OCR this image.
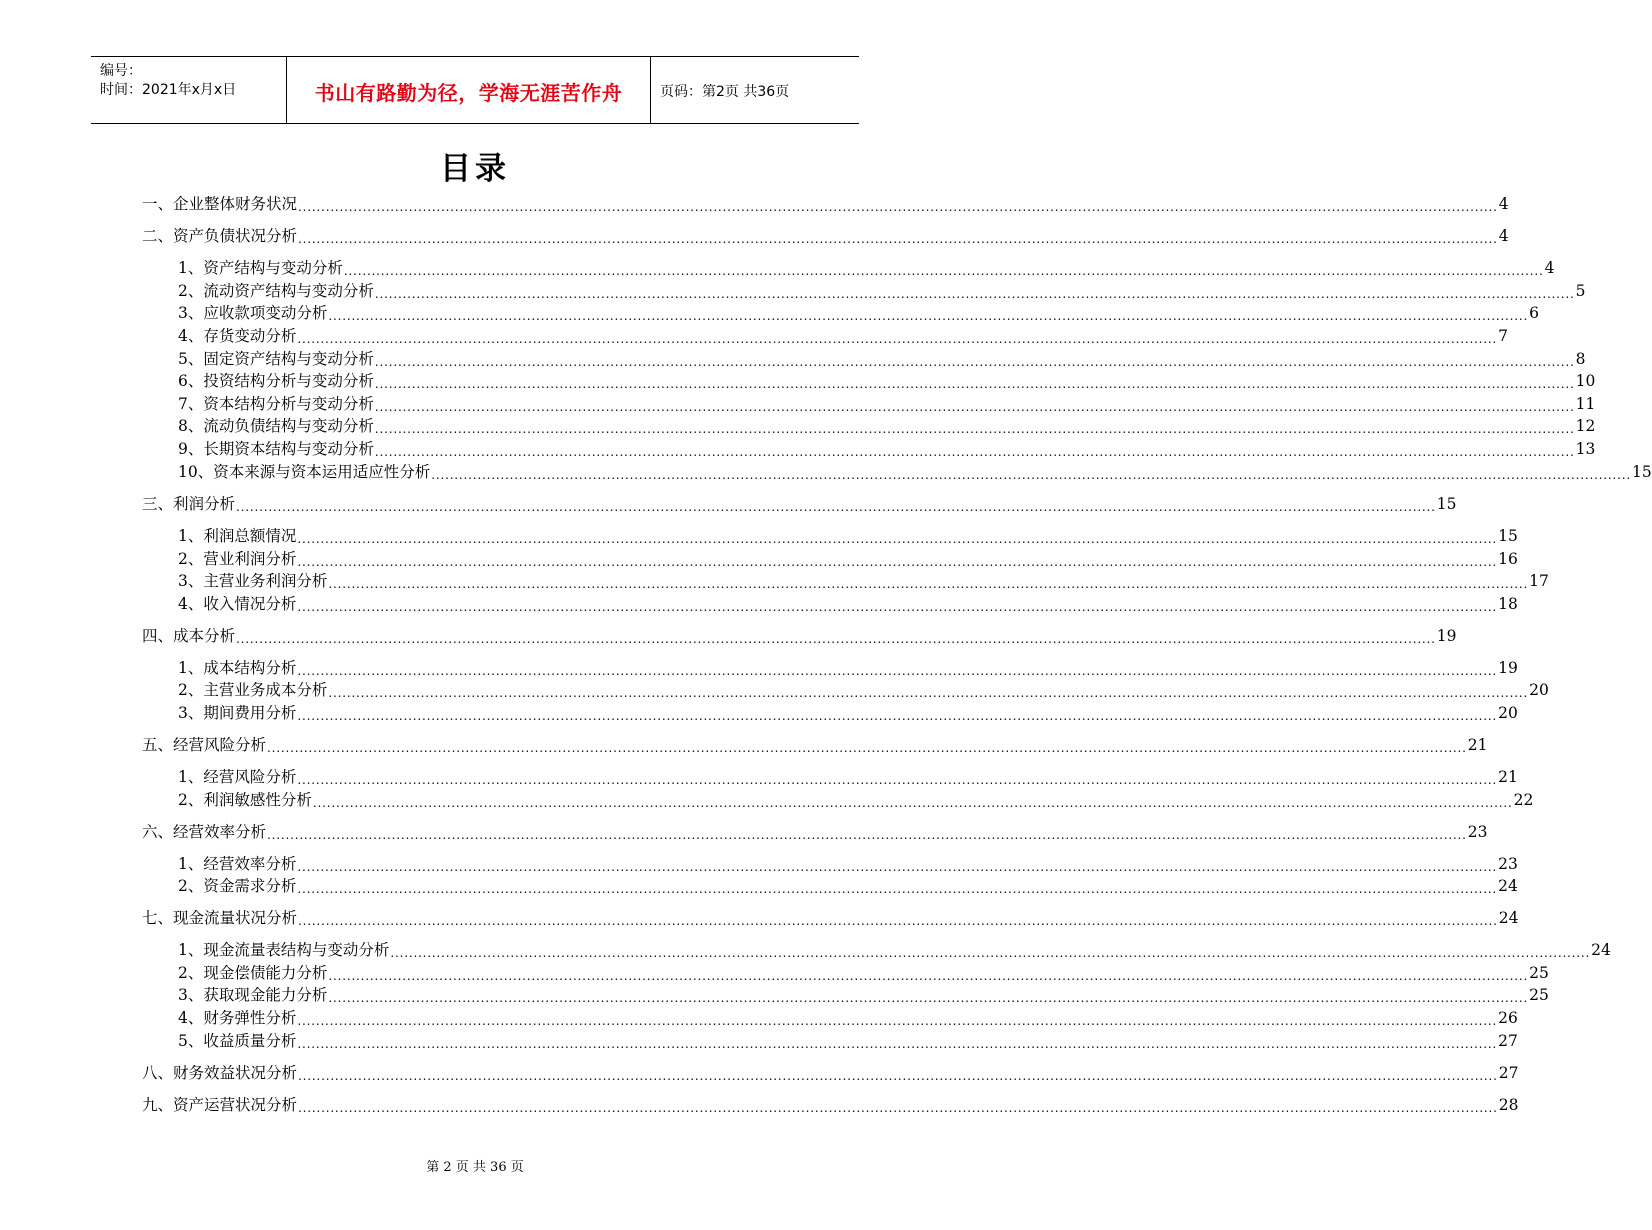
编号：
时间：2021年x月x日	书山有路勤为径，学海无涯苦作舟	页码：第2页 共36页
目录
一、企业整体财务状况 .................................................................................................................................................................................................................................................................... 4
二、资产负债状况分析 .................................................................................................................................................................................................................................................................... 4
1、资产结构与变动分析 .................................................................................................................................................................................................................................................................... 4
2、流动资产结构与变动分析 .................................................................................................................................................................................................................................................................... 5
3、应收款项变动分析 .................................................................................................................................................................................................................................................................... 6
4、存货变动分析 .................................................................................................................................................................................................................................................................... 7
5、固定资产结构与变动分析 .................................................................................................................................................................................................................................................................... 8
6、投资结构分析与变动分析 .................................................................................................................................................................................................................................................................... 10
7、资本结构分析与变动分析 .................................................................................................................................................................................................................................................................... 11
8、流动负债结构与变动分析 .................................................................................................................................................................................................................................................................... 12
9、长期资本结构与变动分析 .................................................................................................................................................................................................................................................................... 13
10、资本来源与资本运用适应性分析 .................................................................................................................................................................................................................................................................... 15
三、利润分析 .................................................................................................................................................................................................................................................................... 15
1、利润总额情况 .................................................................................................................................................................................................................................................................... 15
2、营业利润分析 .................................................................................................................................................................................................................................................................... 16
3、主营业务利润分析 .................................................................................................................................................................................................................................................................... 17
4、收入情况分析 .................................................................................................................................................................................................................................................................... 18
四、成本分析 .................................................................................................................................................................................................................................................................... 19
1、成本结构分析 .................................................................................................................................................................................................................................................................... 19
2、主营业务成本分析 .................................................................................................................................................................................................................................................................... 20
3、期间费用分析 .................................................................................................................................................................................................................................................................... 20
五、经营风险分析 .................................................................................................................................................................................................................................................................... 21
1、经营风险分析 .................................................................................................................................................................................................................................................................... 21
2、利润敏感性分析 .................................................................................................................................................................................................................................................................... 22
六、经营效率分析 .................................................................................................................................................................................................................................................................... 23
1、经营效率分析 .................................................................................................................................................................................................................................................................... 23
2、资金需求分析 .................................................................................................................................................................................................................................................................... 24
七、现金流量状况分析 .................................................................................................................................................................................................................................................................... 24
1、现金流量表结构与变动分析 .................................................................................................................................................................................................................................................................... 24
2、现金偿债能力分析 .................................................................................................................................................................................................................................................................... 25
3、获取现金能力分析 .................................................................................................................................................................................................................................................................... 25
4、财务弹性分析 .................................................................................................................................................................................................................................................................... 26
5、收益质量分析 .................................................................................................................................................................................................................................................................... 27
八、财务效益状况分析 .................................................................................................................................................................................................................................................................... 27
九、资产运营状况分析 .................................................................................................................................................................................................................................................................... 28
第 2 页 共 36 页
